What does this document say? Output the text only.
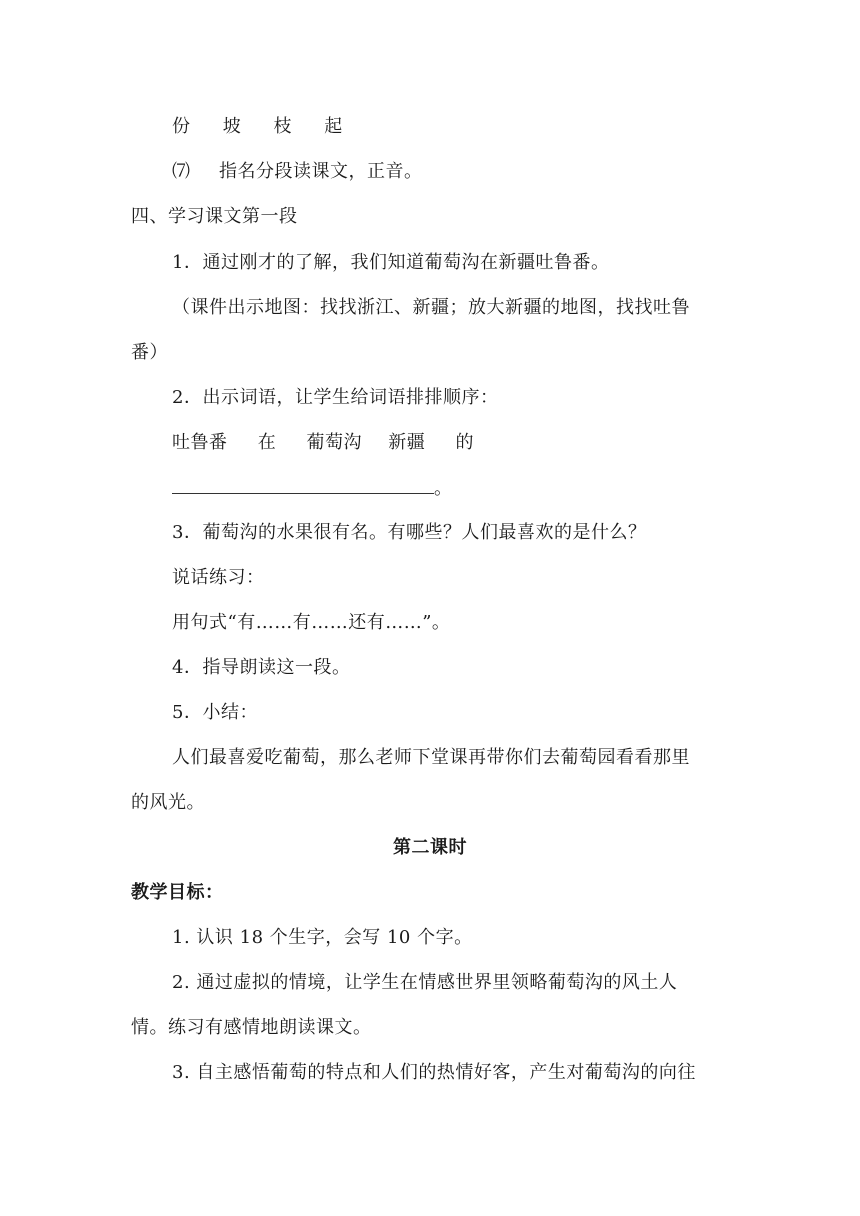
份 坡 枝 起
⑺ 指名分段读课文，正音。
四、学习课文第一段
1．通过刚才的了解，我们知道葡萄沟在新疆吐鲁番。
（课件出示地图：找找浙江、新疆；放大新疆的地图，找找吐鲁
番）
2．出示词语，让学生给词语排排顺序：
吐鲁番 在 葡萄沟 新疆 的
。
3．葡萄沟的水果很有名。有哪些？人们最喜欢的是什么？
说话练习：
用句式“有……有……还有……”。
4．指导朗读这一段。
5．小结：
人们最喜爱吃葡萄，那么老师下堂课再带你们去葡萄园看看那里
的风光。
第二课时
教学目标：
1. 认识 18 个生字，会写 10 个字。
2. 通过虚拟的情境，让学生在情感世界里领略葡萄沟的风土人
情。练习有感情地朗读课文。
3. 自主感悟葡萄的特点和人们的热情好客，产生对葡萄沟的向往
